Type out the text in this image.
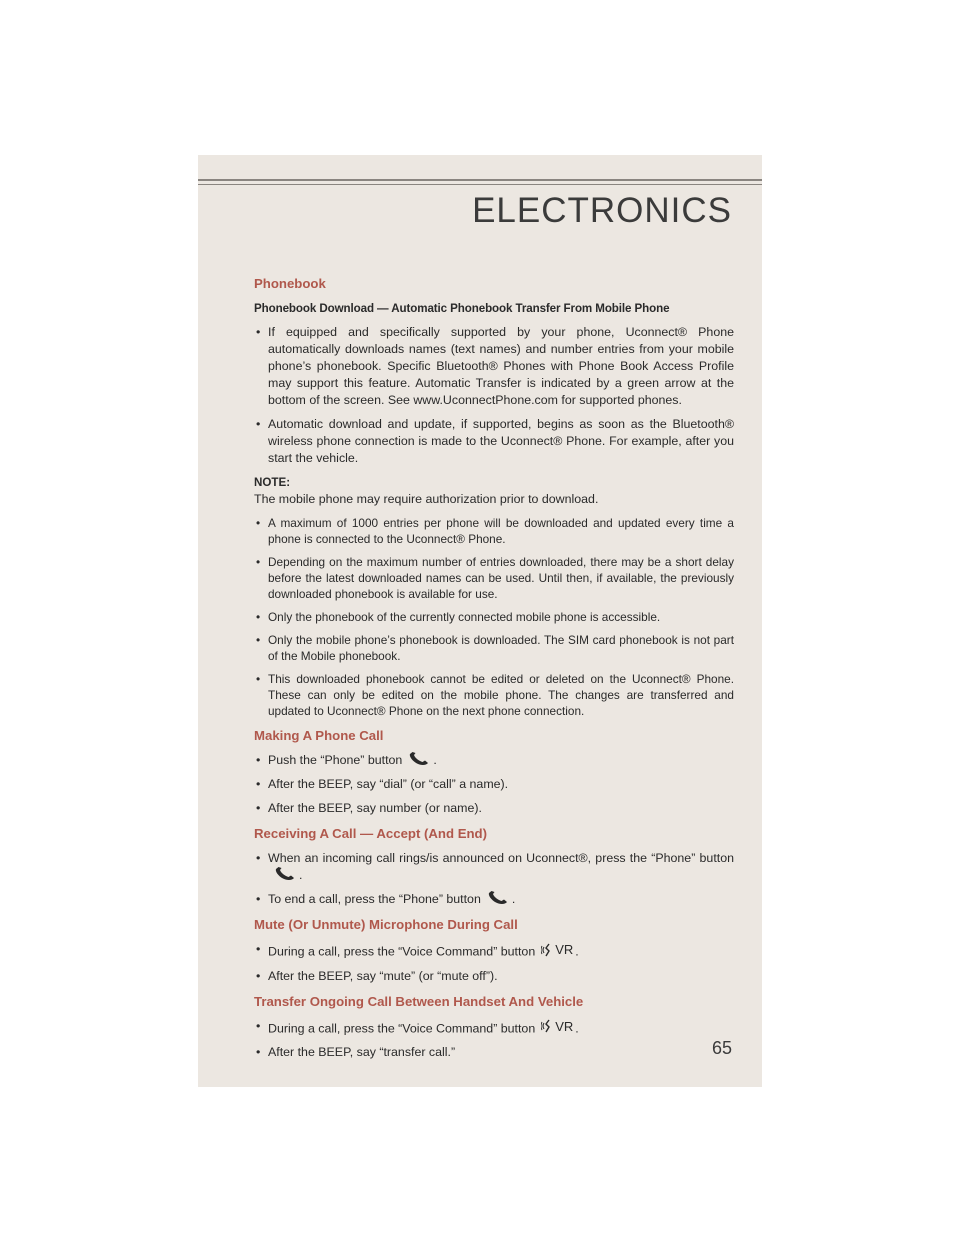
ELECTRONICS
Phonebook
Phonebook Download — Automatic Phonebook Transfer From Mobile Phone
• If equipped and specifically supported by your phone, Uconnect® Phone automatically downloads names (text names) and number entries from your mobile phone’s phonebook. Specific Bluetooth® Phones with Phone Book Access Profile may support this feature. Automatic Transfer is indicated by a green arrow at the bottom of the screen. See www.UconnectPhone.com for supported phones.
• Automatic download and update, if supported, begins as soon as the Bluetooth® wireless phone connection is made to the Uconnect® Phone. For example, after you start the vehicle.
NOTE:
The mobile phone may require authorization prior to download.
• A maximum of 1000 entries per phone will be downloaded and updated every time a phone is connected to the Uconnect® Phone.
• Depending on the maximum number of entries downloaded, there may be a short delay before the latest downloaded names can be used. Until then, if available, the previously downloaded phonebook is available for use.
• Only the phonebook of the currently connected mobile phone is accessible.
• Only the mobile phone’s phonebook is downloaded. The SIM card phonebook is not part of the Mobile phonebook.
• This downloaded phonebook cannot be edited or deleted on the Uconnect® Phone. These can only be edited on the mobile phone. The changes are transferred and updated to Uconnect® Phone on the next phone connection.
Making A Phone Call
• Push the “Phone” button	.
• After the BEEP, say “dial” (or “call” a name).
• After the BEEP, say number (or name).
Receiving A Call — Accept (And End)
• When an incoming call rings/is announced on Uconnect®, press the “Phone” button.
• To end a call, press the “Phone” button	.
Mute (Or Unmute) Microphone During Call
• During a call, press the “Voice Command” button VR .
• After the BEEP, say “mute” (or “mute off”).
Transfer Ongoing Call Between Handset And Vehicle
• During a call, press the “Voice Command” button VR .
• After the BEEP, say “transfer call.”	65
